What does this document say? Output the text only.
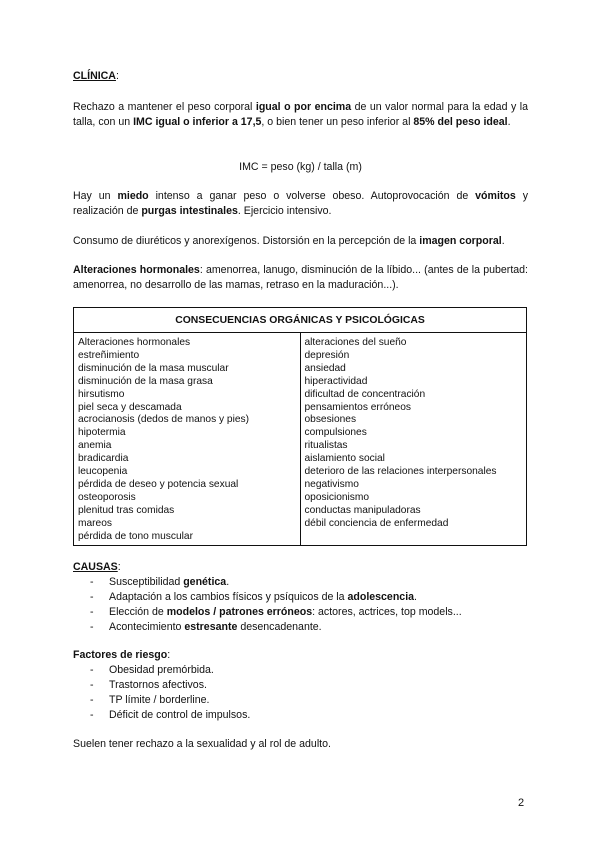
CLÍNICA:
Rechazo a mantener el peso corporal igual o por encima de un valor normal para la edad y la talla, con un IMC igual o inferior a 17,5, o bien tener un peso inferior al 85% del peso ideal.
IMC = peso (kg) / talla (m)
Hay un miedo intenso a ganar peso o volverse obeso. Autoprovocación de vómitos y realización de purgas intestinales. Ejercicio intensivo.
Consumo de diuréticos y anorexígenos. Distorsión en la percepción de la imagen corporal.
Alteraciones hormonales: amenorrea, lanugo, disminución de la líbido... (antes de la pubertad: amenorrea, no desarrollo de las mamas, retraso en la maduración...).
CONSECUENCIAS ORGÁNICAS Y PSICOLÓGICAS

Alteraciones hormonales
estreñimiento
disminución de la masa muscular
disminución de la masa grasa
hirsutismo
piel seca y descamada
acrocianosis (dedos de manos y pies)
hipotermia
anemia
bradicardia
leucopenia
pérdida de deseo y potencia sexual
osteoporosis
plenitud tras comidas
mareos
pérdida de tono muscular

alteraciones del sueño
depresión
ansiedad
hiperactividad
dificultad de concentración
pensamientos erróneos
obsesiones
compulsiones
ritualistas
aislamiento social
deterioro de las relaciones interpersonales
negativismo
oposicionismo
conductas manipuladoras
débil conciencia de enfermedad
CAUSAS:
- Susceptibilidad genética.
- Adaptación a los cambios físicos y psíquicos de la adolescencia.
- Elección de modelos / patrones erróneos: actores, actrices, top models...
- Acontecimiento estresante desencadenante.
Factores de riesgo:
- Obesidad premórbida.
- Trastornos afectivos.
- TP límite / borderline.
- Déficit de control de impulsos.
Suelen tener rechazo a la sexualidad y al rol de adulto.
2
